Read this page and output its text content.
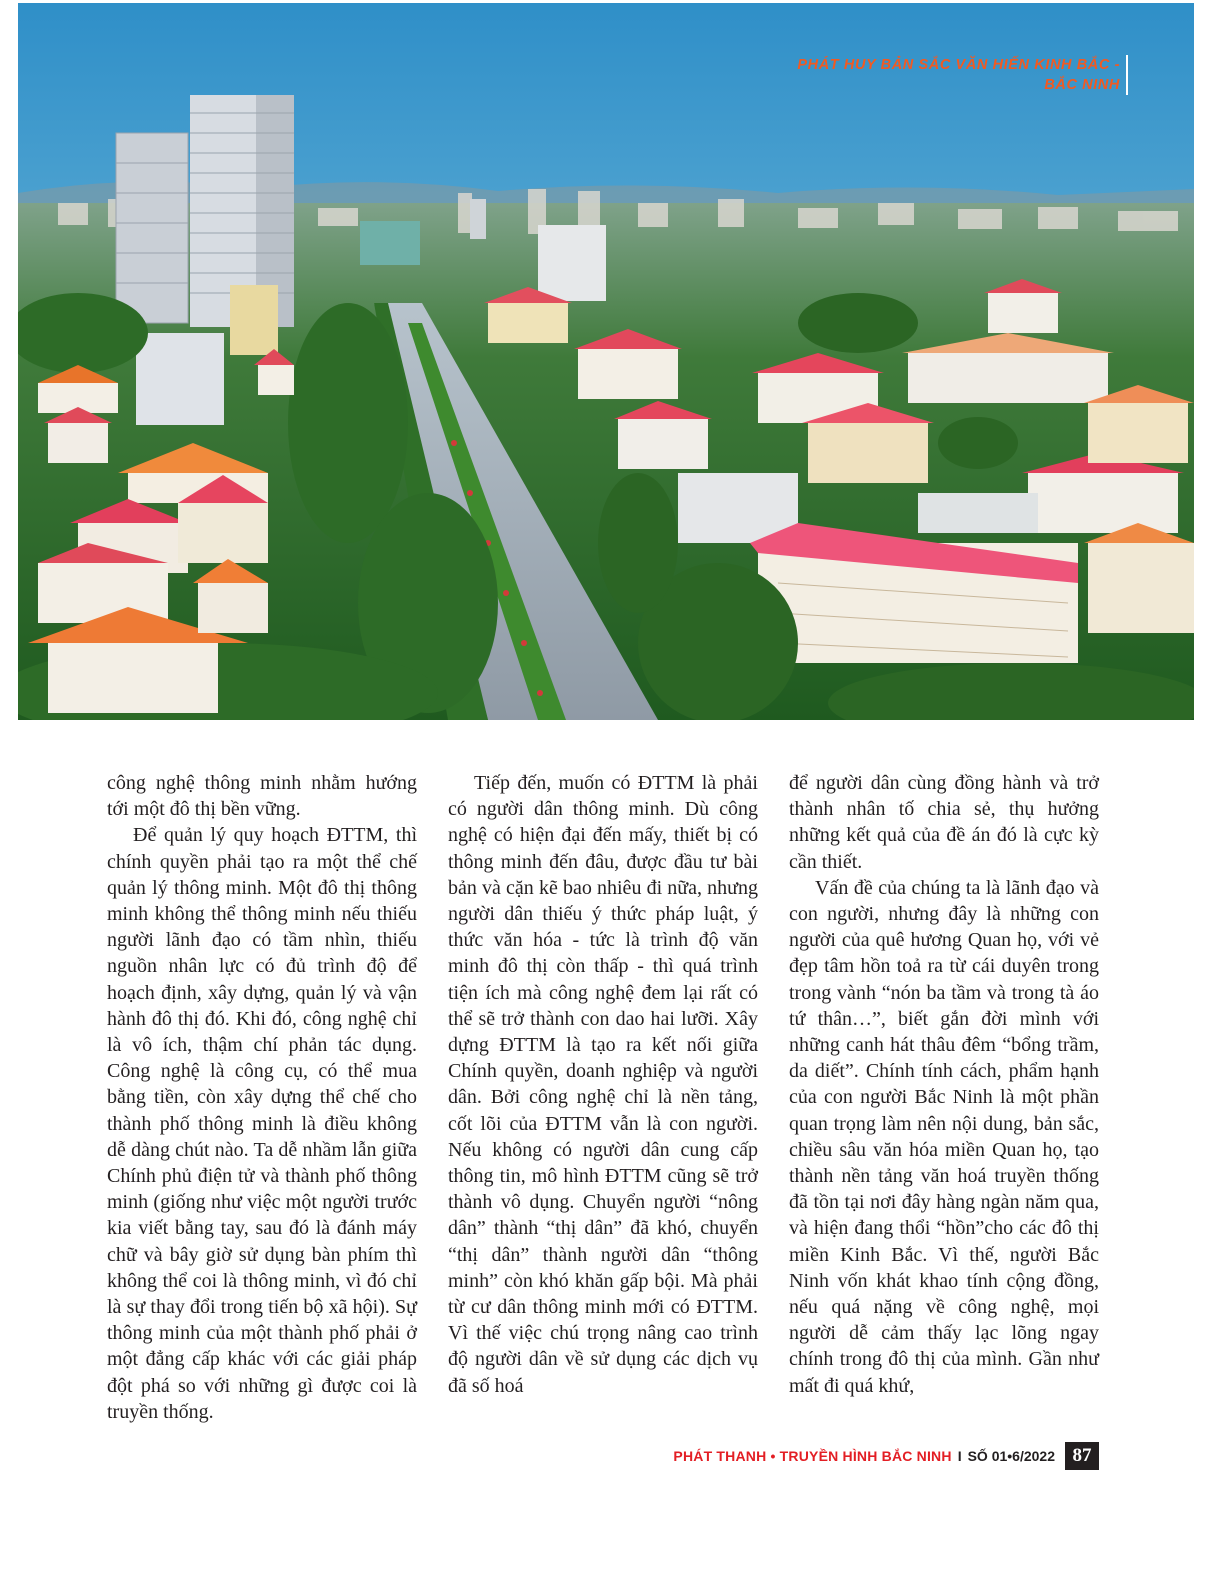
PHÁT HUY BẢN SẮC VĂN HIẾN KINH BẮC - BẮC NINH

công nghệ thông minh nhằm hướng tới một đô thị bền vững.

Để quản lý quy hoạch ĐTTM, thì chính quyền phải tạo ra một thể chế quản lý thông minh. Một đô thị thông minh không thể thông minh nếu thiếu người lãnh đạo có tầm nhìn, thiếu nguồn nhân lực có đủ trình độ để hoạch định, xây dựng, quản lý và vận hành đô thị đó. Khi đó, công nghệ chỉ là vô ích, thậm chí phản tác dụng. Công nghệ là công cụ, có thể mua bằng tiền, còn xây dựng thể chế cho thành phố thông minh là điều không dễ dàng chút nào. Ta dễ nhầm lẫn giữa Chính phủ điện tử và thành phố thông minh (giống như việc một người trước kia viết bằng tay, sau đó là đánh máy chữ và bây giờ sử dụng bàn phím thì không thể coi là thông minh, vì đó chỉ là sự thay đổi trong tiến bộ xã hội). Sự thông minh của một thành phố phải ở một đẳng cấp khác với các giải pháp đột phá so với những gì được coi là truyền thống.

Tiếp đến, muốn có ĐTTM là phải có người dân thông minh. Dù công nghệ có hiện đại đến mấy, thiết bị có thông minh đến đâu, được đầu tư bài bản và cặn kẽ bao nhiêu đi nữa, nhưng người dân thiếu ý thức pháp luật, ý thức văn hóa - tức là trình độ văn minh đô thị còn thấp - thì quá trình tiện ích mà công nghệ đem lại rất có thể sẽ trở thành con dao hai lưỡi. Xây dựng ĐTTM là tạo ra kết nối giữa Chính quyền, doanh nghiệp và người dân. Bởi công nghệ chỉ là nền tảng, cốt lõi của ĐTTM vẫn là con người. Nếu không có người dân cung cấp thông tin, mô hình ĐTTM cũng sẽ trở thành vô dụng. Chuyển người “nông dân” thành “thị dân” đã khó, chuyển “thị dân” thành người dân “thông minh” còn khó khăn gấp bội. Mà phải từ cư dân thông minh mới có ĐTTM. Vì thế việc chú trọng nâng cao trình độ người dân về sử dụng các dịch vụ đã số hoá

để người dân cùng đồng hành và trở thành nhân tố chia sẻ, thụ hưởng những kết quả của đề án đó là cực kỳ cần thiết.

Vấn đề của chúng ta là lãnh đạo và con người, nhưng đây là những con người của quê hương Quan họ, với vẻ đẹp tâm hồn toả ra từ cái duyên trong trong vành “nón ba tầm và trong tà áo tứ thân…”, biết gắn đời mình với những canh hát thâu đêm “bổng trầm, da diết”. Chính tính cách, phẩm hạnh của con người Bắc Ninh là một phần quan trọng làm nên nội dung, bản sắc, chiều sâu văn hóa miền Quan họ, tạo thành nền tảng văn hoá truyền thống đã tồn tại nơi đây hàng ngàn năm qua, và hiện đang thổi “hồn”cho các đô thị miền Kinh Bắc. Vì thế, người Bắc Ninh vốn khát khao tính cộng đồng, nếu quá nặng về công nghệ, mọi người dễ cảm thấy lạc lõng ngay chính trong đô thị của mình. Gần như mất đi quá khứ,

PHÁT THANH • TRUYỀN HÌNH BẮC NINH I SỐ 01•6/2022 87
